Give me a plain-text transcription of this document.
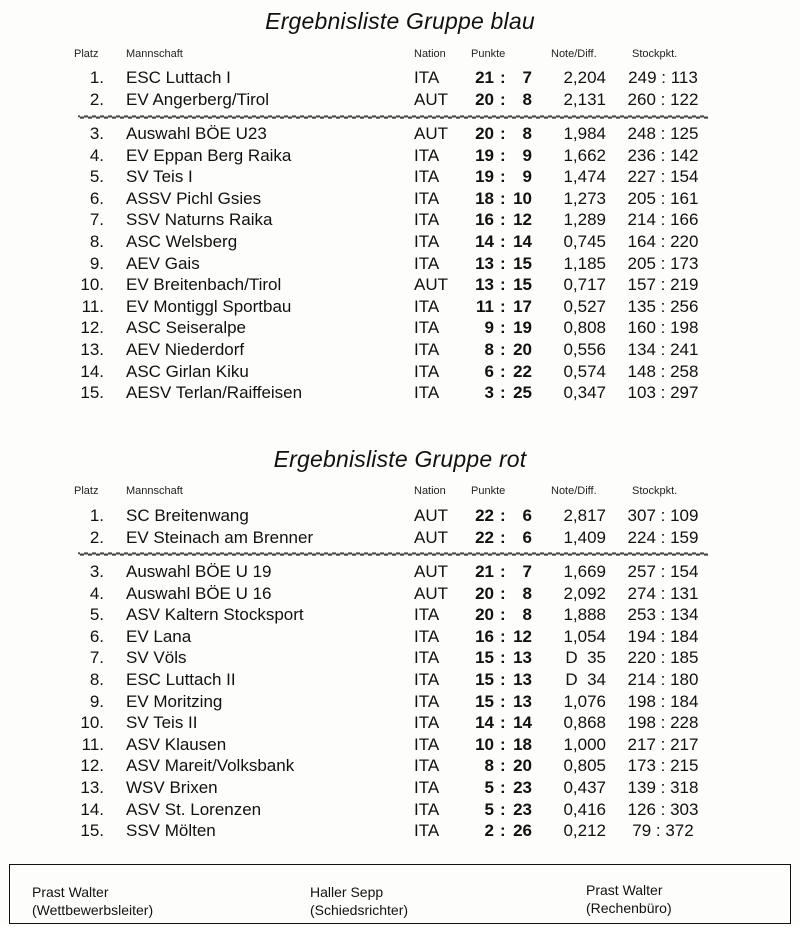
Ergebnisliste Gruppe blau
Platz	Mannschaft	Nation Punkte	Note/Diff.	Stockpkt.
1. ESC Luttach I	ITA	21	7	2,204	249 : 113
:
2. EV Angerberg/Tirol	AUT	20	8	2,131	260 : 122
:
3. Auswahl BÖE U23	AUT	20	8	1,984	248 : 125
:
4. EV Eppan Berg Raika	ITA	19	9	1,662	236 : 142
:
5. SV Teis I	ITA	19	9	1,474	227 : 154
:
6. ASSV Pichl Gsies	ITA	18 10	1,273	205 : 161
:
7. SSV Naturns Raika	ITA	16 12	1,289	214 : 166
:
8. ASC Welsberg	ITA	14 14	0,745	164 : 220
:
9. AEV Gais	ITA	13 15	1,185	205 : 173
:
10. EV Breitenbach/Tirol	AUT	13 15	0,717	157 : 219
:
11. EV Montiggl Sportbau	ITA	11 17	0,527	135 : 256
:
12. ASC Seiseralpe	ITA	9 19	0,808	160 : 198
:
13. AEV Niederdorf	ITA	8 20	0,556	134 : 241
:
14. ASC Girlan Kiku	ITA	6 22	0,574	148 : 258
:
15. AESV Terlan/Raiffeisen	ITA	3 25	0,347	103 : 297
:
Ergebnisliste Gruppe rot
Platz	Mannschaft	Nation Punkte	Note/Diff.	Stockpkt.
1. SC Breitenwang	AUT	22	6	2,817	307 : 109
:
2. EV Steinach am Brenner	AUT	22	6	1,409	224 : 159
:
3. Auswahl BÖE U 19	AUT	21	7	1,669	257 : 154
:
4. Auswahl BÖE U 16	AUT	20	8	2,092	274 : 131
:
5. ASV Kaltern Stocksport	ITA	20	8	1,888	253 : 134
:
6. EV Lana	ITA	16 12	1,054	194 : 184
:
7. SV Völs	ITA	15 13	D  35	220 : 185
:
8. ESC Luttach II	ITA	15 13	D  34	214 : 180
:
9. EV Moritzing	ITA	15 13	1,076	198 : 184
:
10. SV Teis II	ITA	14 14	0,868	198 : 228
:
11. ASV Klausen	ITA	10 18	1,000	217 : 217
:
12. ASV Mareit/Volksbank	ITA	8 20	0,805	173 : 215
:
13. WSV Brixen	ITA	5 23	0,437	139 : 318
:
14. ASV St. Lorenzen	ITA	5 23	0,416	126 : 303
:
15. SSV Mölten	ITA	2 26	0,212	79 : 372
:
Prast Walter
(Wettbewerbsleiter)
Haller Sepp
(Schiedsrichter)
Prast Walter
(Rechenbüro)
